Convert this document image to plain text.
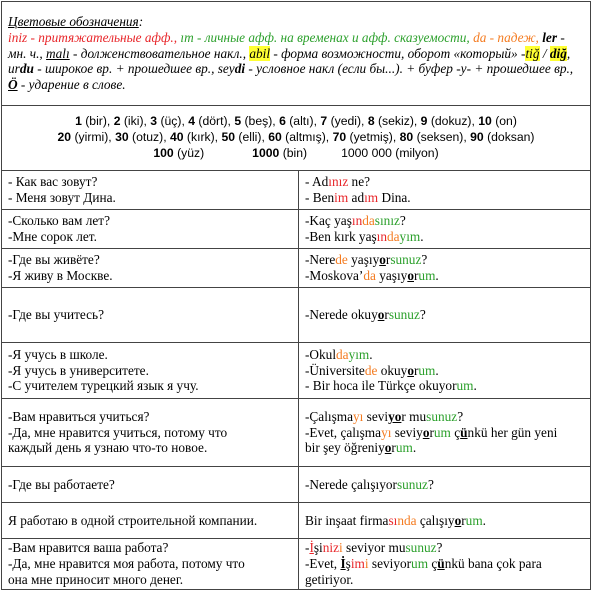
Цветовые обозначения:
iniz - притяжательные афф., ım - личные афф. на временах и афф. сказуемости, da - падеж, ler - мн. ч., malı - долженствовательное накл., abil - форма возможности, оборот «который» -tiğ / diğ, urdu - широкое вр. + прошедшее вр., seydi - условное накл (если бы...). + буфер -у- + прошедшее вр., Ö - ударение в слове.	

1 (bir), 2 (iki), 3 (üç), 4 (dört), 5 (beş), 6 (altı), 7 (yedi), 8 (sekiz), 9 (dokuz), 10 (on)
20 (yirmi), 30 (otuz), 40 (kırk), 50 (elli), 60 (altmış), 70 (yetmiş), 80 (seksen), 90 (doksan)
100 (yüz) 1000 (bin) 1000 000 (milyon)	

- Как вас зовут?
- Меня зовут Дина.	- Adınız ne?
- Benim adım Dina.

-Сколько вам лет?
-Мне сорок лет.	-Kaç yaşındasınız?
-Ben kırk yaşındayım.

-Где вы живёте?
-Я живу в Москве.	-Nerede yaşıyorsunuz?
-Moskova’da yaşıyorum.

-Где вы учитесь?	-Nerede okuyorsunuz?

-Я учусь в школе.
-Я учусь в университете.
-С учителем турецкий язык я учу.	-Okuldayım.
-Üniversitede okuyorum.
- Bir hoca ile Türkçe okuyorum.

-Вам нравиться учиться?
-Да, мне нравится учиться, потому что
каждый день я узнаю что-то новое.	-Çalışmayı seviyor musunuz?
-Evet, çalışmayı seviyorum çünkü her gün yeni
bir şey öğreniyorum.

-Где вы работаете?	-Nerede çalışıyorsunuz?

Я работаю в одной строительной компании.	Bir inşaat firmasında çalışıyorum.

-Вам нравится ваша работа?
-Да, мне нравится моя работа, потому что
она мне приносит много денег.	-İşinizi seviyor musunuz?
-Evet, İşimi seviyorum çünkü bana çok para
getiriyor.
